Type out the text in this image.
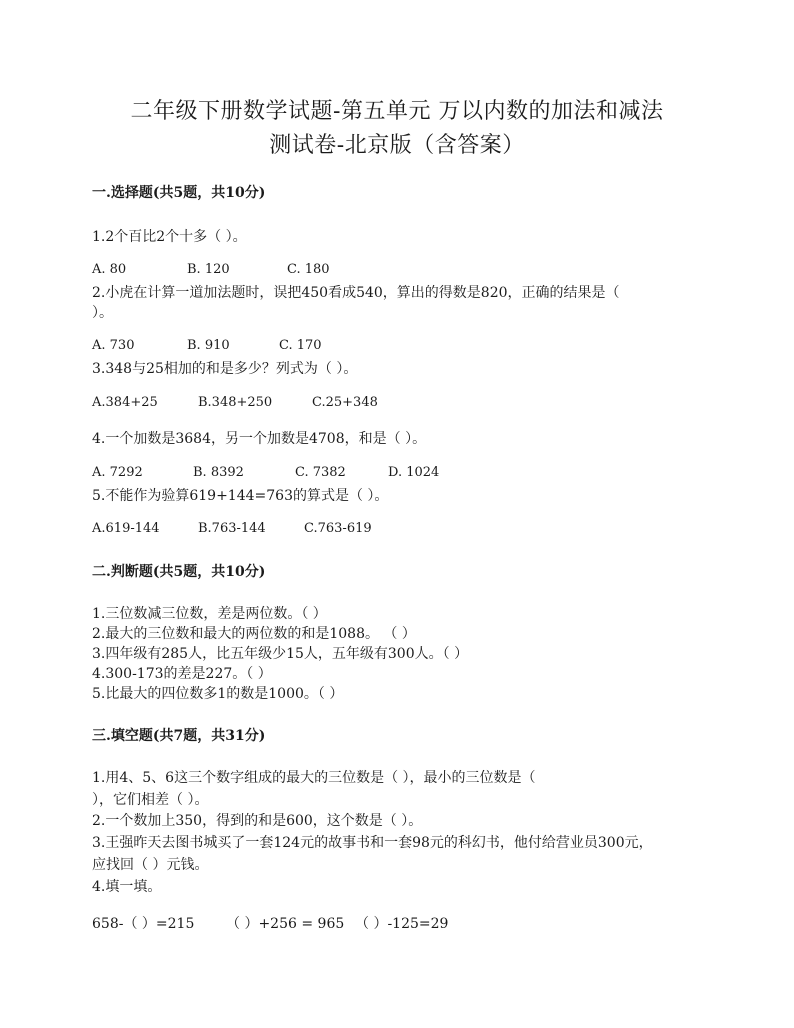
二年级下册数学试题-第五单元 万以内数的加法和减法
测试卷-北京版（含答案）
一.选择题(共5题，共10分)
1.2个百比2个十多（ ）。
A. 80	B. 120	C. 180
2.小虎在计算一道加法题时，误把450看成540，算出的得数是820，正确的结果是（
）。
A. 730	B. 910	C. 170
3.348与25相加的和是多少？列式为（ ）。
A.384+25	B.348+250	C.25+348
4.一个加数是3684，另一个加数是4708，和是（ ）。
A. 7292	B. 8392	C. 7382	D. 1024
5.不能作为验算619+144=763的算式是（ ）。
A.619-144	B.763-144	C.763-619
二.判断题(共5题，共10分)
1.三位数减三位数，差是两位数。（ ）
2.最大的三位数和最大的两位数的和是1088。 （ ）
3.四年级有285人，比五年级少15人，五年级有300人。（ ）
4.300-173的差是227。（ ）
5.比最大的四位数多1的数是1000。（ ）
三.填空题(共7题，共31分)
1.用4、5、6这三个数字组成的最大的三位数是（ ），最小的三位数是（
），它们相差（ ）。
2.一个数加上350，得到的和是600，这个数是（ ）。
3.王强昨天去图书城买了一套124元的故事书和一套98元的科幻书，他付给营业员300元，
应找回（ ）元钱。
4.填一填。
658-（ ）=215 （ ）+256 = 965 （ ）-125=29
